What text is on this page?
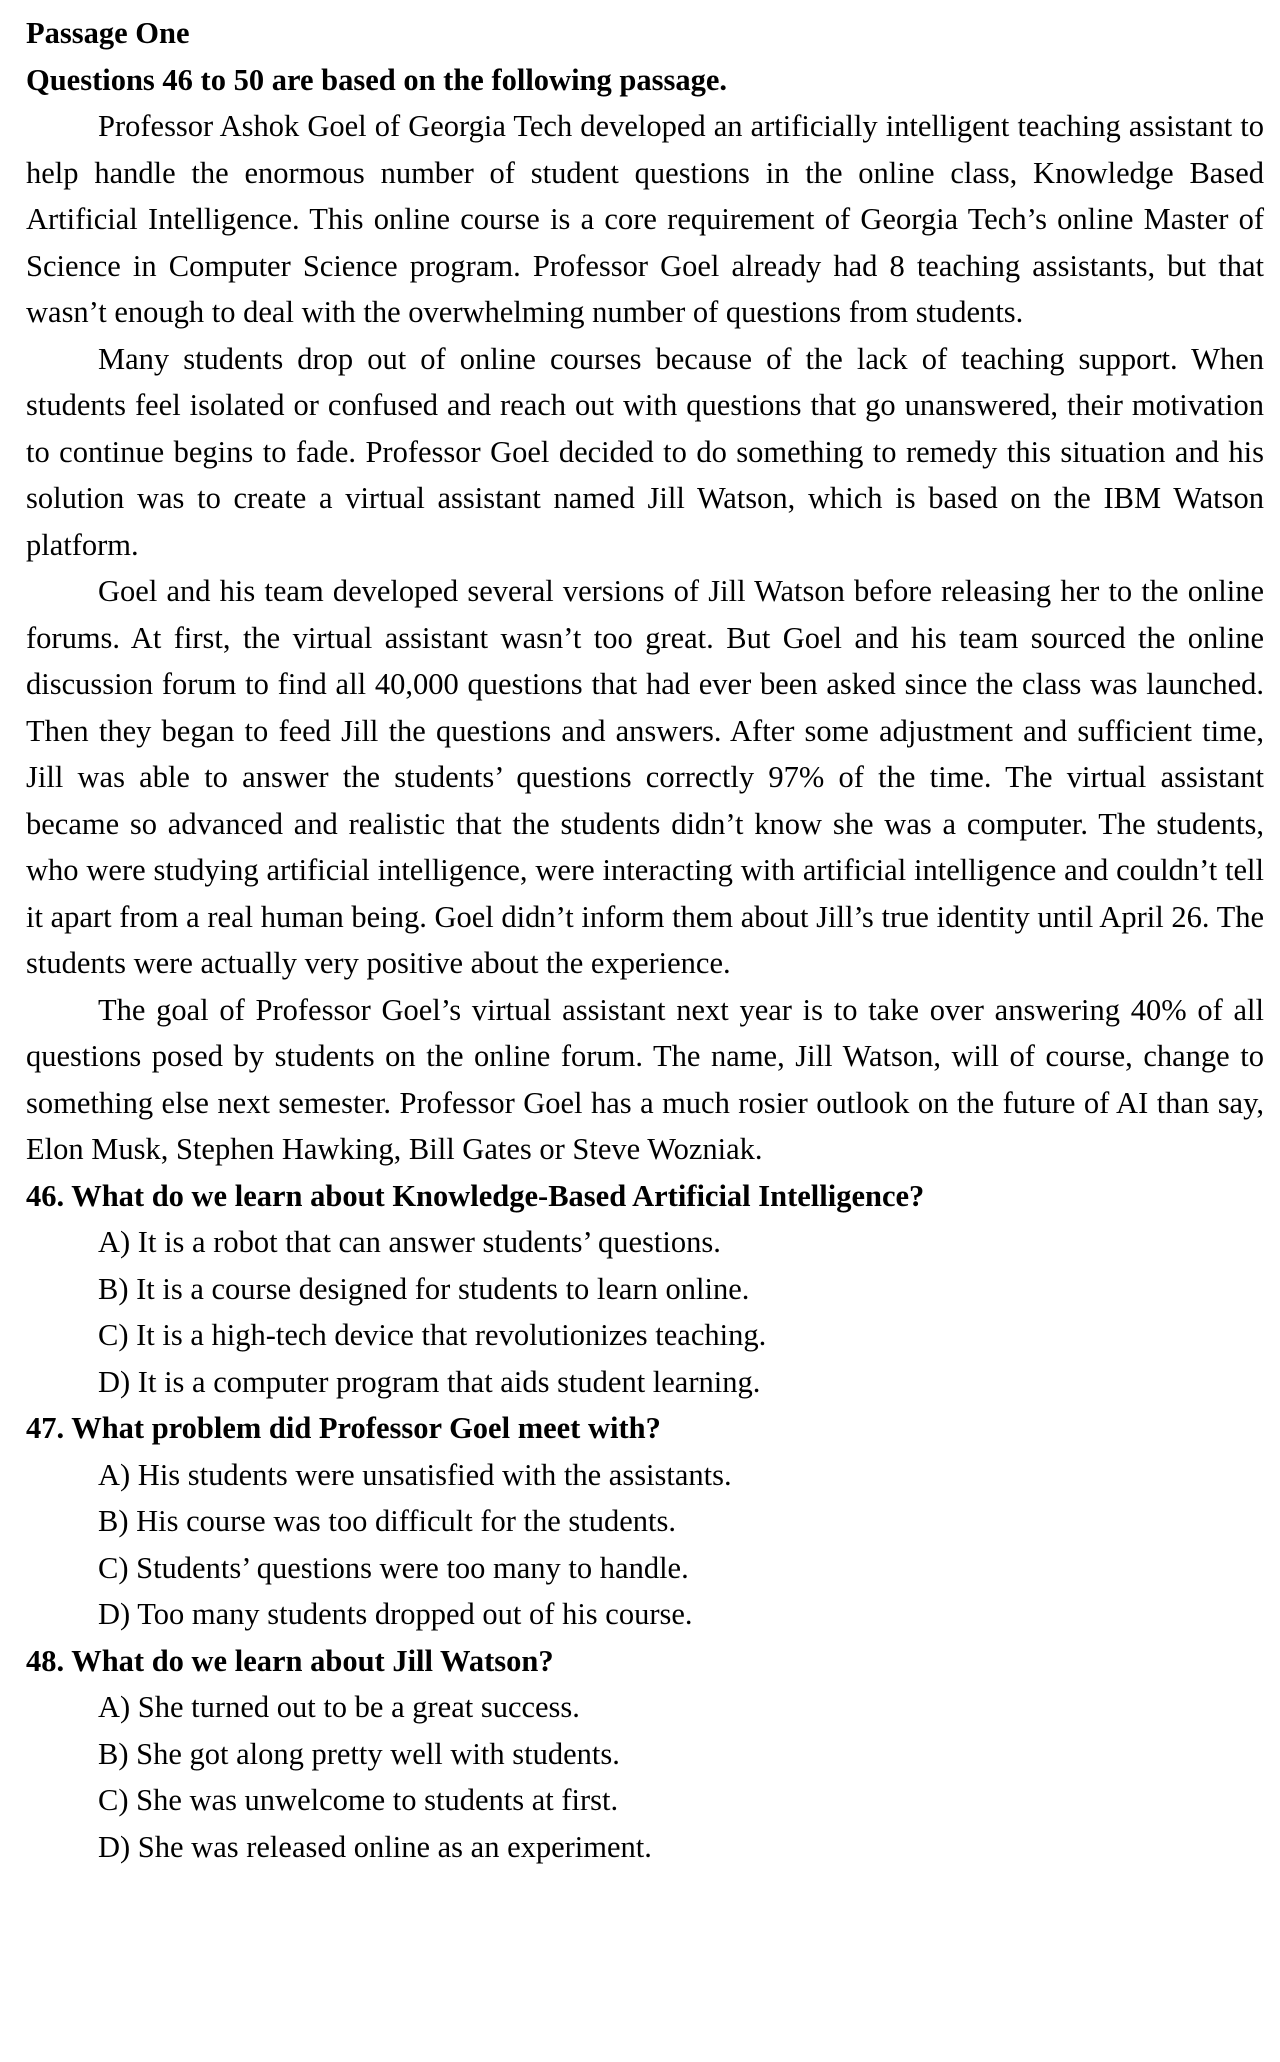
Passage One

Questions 46 to 50 are based on the following passage.

Professor Ashok Goel of Georgia Tech developed an artificially intelligent teaching assistant to help handle the enormous number of student questions in the online class, Knowledge Based Artificial Intelligence. This online course is a core requirement of Georgia Tech’s online Master of Science in Computer Science program. Professor Goel already had 8 teaching assistants, but that wasn’t enough to deal with the overwhelming number of questions from students.

Many students drop out of online courses because of the lack of teaching support. When students feel isolated or confused and reach out with questions that go unanswered, their motivation to continue begins to fade. Professor Goel decided to do something to remedy this situation and his solution was to create a virtual assistant named Jill Watson, which is based on the IBM Watson platform.

Goel and his team developed several versions of Jill Watson before releasing her to the online forums. At first, the virtual assistant wasn’t too great. But Goel and his team sourced the online discussion forum to find all 40,000 questions that had ever been asked since the class was launched. Then they began to feed Jill the questions and answers. After some adjustment and sufficient time, Jill was able to answer the students’ questions correctly 97% of the time. The virtual assistant became so advanced and realistic that the students didn’t know she was a computer. The students, who were studying artificial intelligence, were interacting with artificial intelligence and couldn’t tell it apart from a real human being. Goel didn’t inform them about Jill’s true identity until April 26. The students were actually very positive about the experience.

The goal of Professor Goel’s virtual assistant next year is to take over answering 40% of all questions posed by students on the online forum. The name, Jill Watson, will of course, change to something else next semester. Professor Goel has a much rosier outlook on the future of AI than say, Elon Musk, Stephen Hawking, Bill Gates or Steve Wozniak.

46. What do we learn about Knowledge-Based Artificial Intelligence?

A) It is a robot that can answer students’ questions.

B) It is a course designed for students to learn online.

C) It is a high-tech device that revolutionizes teaching.

D) It is a computer program that aids student learning.

47. What problem did Professor Goel meet with?

A) His students were unsatisfied with the assistants.

B) His course was too difficult for the students.

C) Students’ questions were too many to handle.

D) Too many students dropped out of his course.

48. What do we learn about Jill Watson?

A) She turned out to be a great success.

B) She got along pretty well with students.

C) She was unwelcome to students at first.

D) She was released online as an experiment.
